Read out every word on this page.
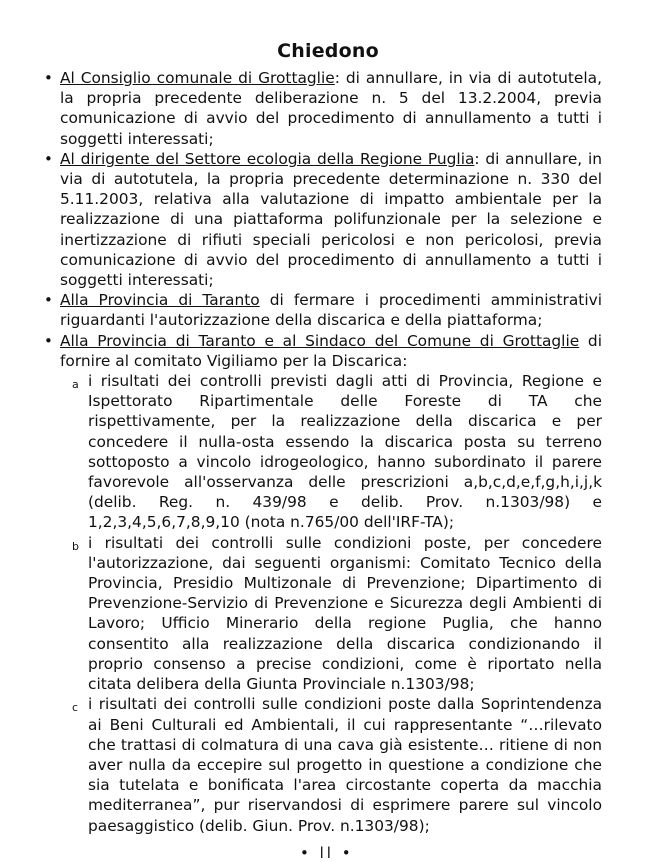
Chiedono
• Al Consiglio comunale di Grottaglie: di annullare, in via di autotutela, la propria precedente deliberazione n. 5 del 13.2.2004, previa comunicazione di avvio del procedimento di annullamento a tutti i soggetti interessati;
• Al dirigente del Settore ecologia della Regione Puglia: di annullare, in via di autotutela, la propria precedente determinazione n. 330 del 5.11.2003, relativa alla valutazione di impatto ambientale per la realizzazione di una piattaforma polifunzionale per la selezione e inertizzazione di rifiuti speciali pericolosi e non pericolosi, previa comunicazione di avvio del procedimento di annullamento a tutti i soggetti interessati;
• Alla Provincia di Taranto di fermare i procedimenti amministrativi riguardanti l'autorizzazione della discarica e della piattaforma;
• Alla Provincia di Taranto e al Sindaco del Comune di Grottaglie di fornire al comitato Vigiliamo per la Discarica:
a i risultati dei controlli previsti dagli atti di Provincia, Regione e Ispettorato Ripartimentale delle Foreste di TA che rispettivamente, per la realizzazione della discarica e per concedere il nulla-osta essendo la discarica posta su terreno sottoposto a vincolo idrogeologico, hanno subordinato il parere favorevole all'osservanza delle prescrizioni a,b,c,d,e,f,g,h,i,j,k (delib. Reg. n. 439/98 e delib. Prov. n.1303/98) e 1,2,3,4,5,6,7,8,9,10 (nota n.765/00 dell'IRF-TA);
b i risultati dei controlli sulle condizioni poste, per concedere l'autorizzazione, dai seguenti organismi: Comitato Tecnico della Provincia, Presidio Multizonale di Prevenzione; Dipartimento di Prevenzione-Servizio di Prevenzione e Sicurezza degli Ambienti di Lavoro; Ufficio Minerario della regione Puglia, che hanno consentito alla realizzazione della discarica condizionando il proprio consenso a precise condizioni, come è riportato nella citata delibera della Giunta Provinciale n.1303/98;
c i risultati dei controlli sulle condizioni poste dalla Soprintendenza ai Beni Culturali ed Ambientali, il cui rappresentante “…rilevato che trattasi di colmatura di una cava già esistente… ritiene di non aver nulla da eccepire sul progetto in questione a condizione che sia tutelata e bonificata l'area circostante coperta da macchia mediterranea”, pur riservandosi di esprimere parere sul vincolo paesaggistico (delib. Giun. Prov. n.1303/98);
• ll •
